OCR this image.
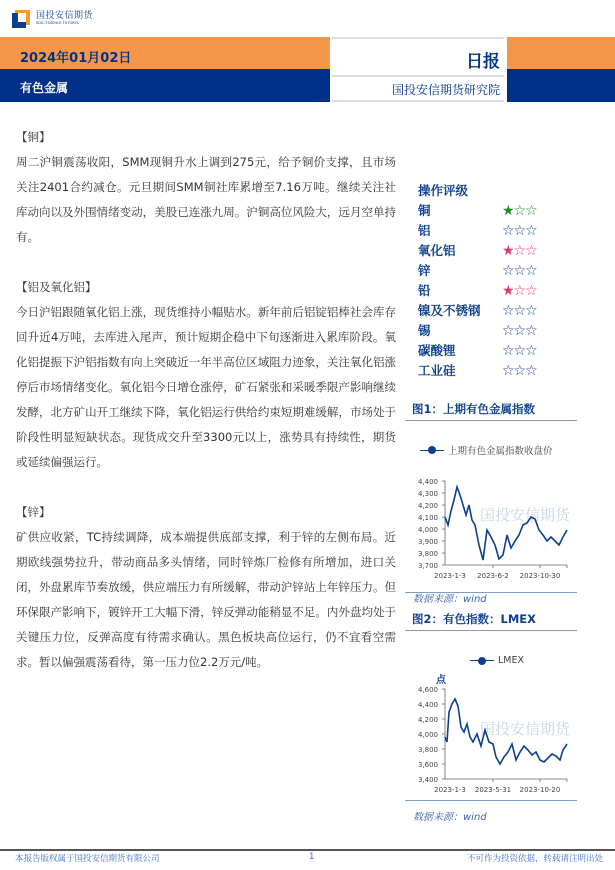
国投安信期货
SDIC ESSENCE FUTURES
2024年01月02日
有色金属
日报
国投安信期货研究院
【铜】

周二沪铜震荡收阳，SMM现铜升水上调到275元，给予铜价支撑，且市场关注2401合约减仓。元旦期间SMM铜社库累增至7.16万吨。继续关注社库动向以及外围情绪变动，美股已连涨九周。沪铜高位风险大，远月空单持有。

【铝及氧化铝】

今日沪铝跟随氧化铝上涨，现货维持小幅贴水。新年前后铝锭铝棒社会库存回升近4万吨，去库进入尾声，预计短期企稳中下旬逐渐进入累库阶段。氧化铝提振下沪铝指数有向上突破近一年半高位区域阻力迹象，关注氧化铝涨停后市场情绪变化。氧化铝今日增仓涨停，矿石紧张和采暖季限产影响继续发酵，北方矿山开工继续下降，氧化铝运行供给约束短期难缓解，市场处于阶段性明显短缺状态。现货成交升至3300元以上，涨势具有持续性，期货或延续偏强运行。

【锌】

矿供应收紧，TC持续调降，成本端提供底部支撑，利于锌的左侧布局。近期欧线强势拉升，带动商品多头情绪，同时锌炼厂检修有所增加，进口关闭，外盘累库节奏放缓，供应端压力有所缓解，带动沪锌站上年锌压力。但环保限产影响下，镀锌开工大幅下滑，锌反弹动能稍显不足。内外盘均处于关键压力位，反弹高度有待需求确认。黑色板块高位运行，仍不宜看空需求。暂以偏强震荡看待，第一压力位2.2万元/吨。

操作评级
铜	★☆☆
铝	☆☆☆
氧化铝	★☆☆
锌	☆☆☆
铅	★☆☆
镍及不锈钢	☆☆☆
锡	☆☆☆
碳酸锂	☆☆☆
工业硅	☆☆☆
图1：上期有色金属指数
上期有色金属指数收盘价
国投安信期货
4,400
4,300
4,200
4,100
4,000
3,900
3,800
3,700
2023-1-3 2023-6-2 2023-10-30
数据来源：wind
图2：有色指数：LMEX
LMEX
点
国投安信期货
4,600
4,400
4,200
4,000
3,800
3,600
3,400
2023-1-3 2023-5-31 2023-10-20
数据来源：wind
本报告版权属于国投安信期货有限公司	1	不可作为投资依据，转载请注明出处
